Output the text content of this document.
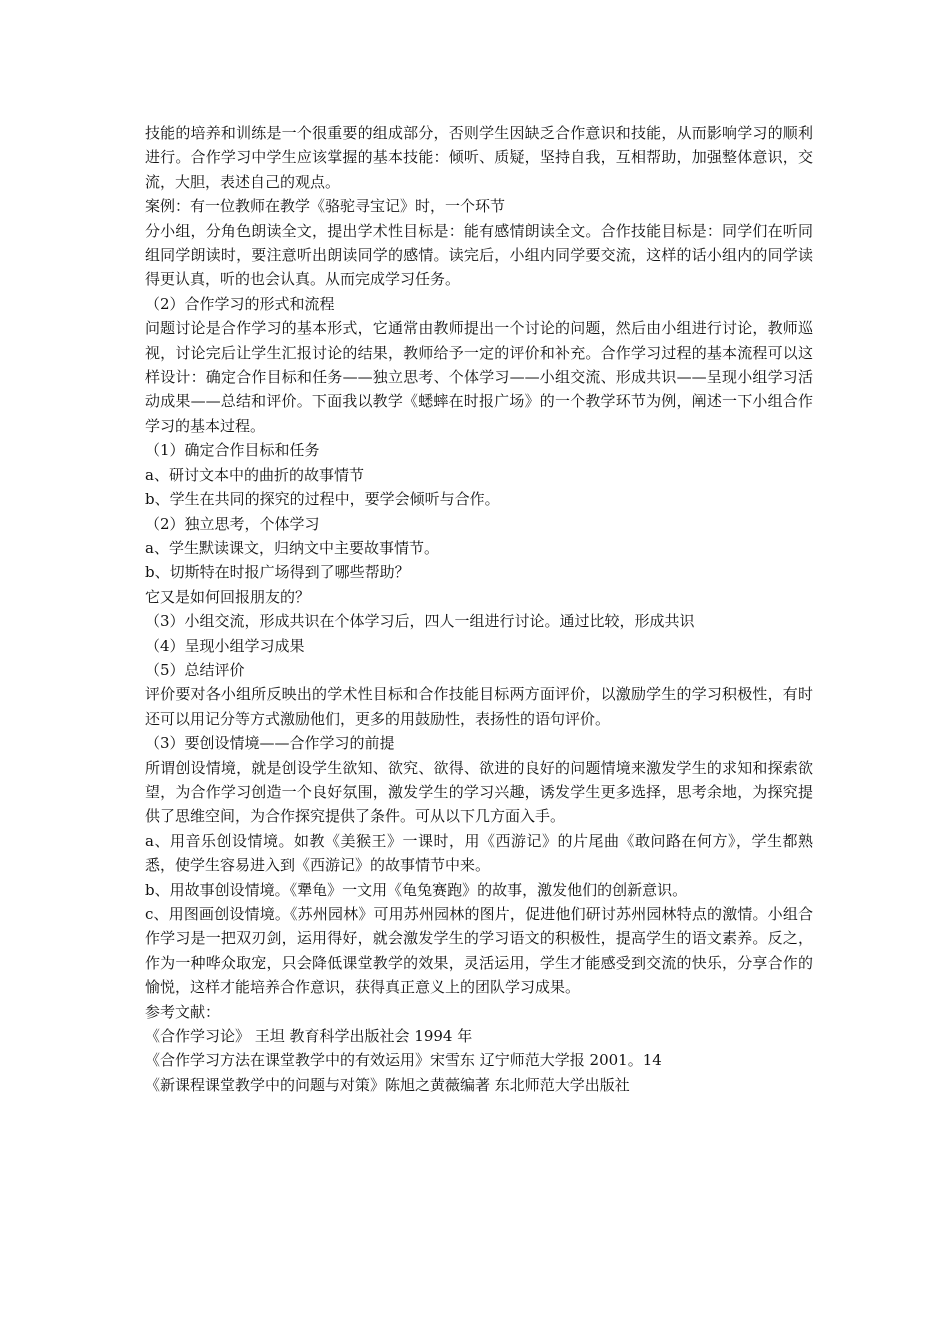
技能的培养和训练是一个很重要的组成部分，否则学生因缺乏合作意识和技能，从而影响学习的顺利进行。合作学习中学生应该掌握的基本技能：倾听、质疑，坚持自我，互相帮助，加强整体意识，交流，大胆，表述自己的观点。

案例：有一位教师在教学《骆驼寻宝记》时，一个环节

分小组，分角色朗读全文，提出学术性目标是：能有感情朗读全文。合作技能目标是：同学们在听同组同学朗读时，要注意听出朗读同学的感情。读完后，小组内同学要交流，这样的话小组内的同学读得更认真，听的也会认真。从而完成学习任务。

（2）合作学习的形式和流程

问题讨论是合作学习的基本形式，它通常由教师提出一个讨论的问题，然后由小组进行讨论，教师巡视，讨论完后让学生汇报讨论的结果，教师给予一定的评价和补充。合作学习过程的基本流程可以这样设计：确定合作目标和任务——独立思考、个体学习——小组交流、形成共识——呈现小组学习活动成果——总结和评价。下面我以教学《蟋蟀在时报广场》的一个教学环节为例，阐述一下小组合作学习的基本过程。

（1）确定合作目标和任务

a、研讨文本中的曲折的故事情节

b、学生在共同的探究的过程中，要学会倾听与合作。

（2）独立思考，个体学习

a、学生默读课文，归纳文中主要故事情节。

b、切斯特在时报广场得到了哪些帮助？

它又是如何回报朋友的？

（3）小组交流，形成共识在个体学习后，四人一组进行讨论。通过比较，形成共识

（4）呈现小组学习成果

（5）总结评价

评价要对各小组所反映出的学术性目标和合作技能目标两方面评价，以激励学生的学习积极性，有时还可以用记分等方式激励他们，更多的用鼓励性，表扬性的语句评价。

（3）要创设情境——合作学习的前提

所谓创设情境，就是创设学生欲知、欲究、欲得、欲进的良好的问题情境来激发学生的求知和探索欲望，为合作学习创造一个良好氛围，激发学生的学习兴趣，诱发学生更多选择，思考余地，为探究提供了思维空间，为合作探究提供了条件。可从以下几方面入手。

a、用音乐创设情境。如教《美猴王》一课时，用《西游记》的片尾曲《敢问路在何方》，学生都熟悉，使学生容易进入到《西游记》的故事情节中来。

b、用故事创设情境。《犟龟》一文用《龟兔赛跑》的故事，激发他们的创新意识。

c、用图画创设情境。《苏州园林》可用苏州园林的图片，促进他们研讨苏州园林特点的激情。小组合作学习是一把双刃剑，运用得好，就会激发学生的学习语文的积极性，提高学生的语文素养。反之，作为一种哗众取宠，只会降低课堂教学的效果，灵活运用，学生才能感受到交流的快乐，分享合作的愉悦，这样才能培养合作意识，获得真正意义上的团队学习成果。

参考文献：

《合作学习论》 王坦 教育科学出版社会 1994 年

《合作学习方法在课堂教学中的有效运用》宋雪东 辽宁师范大学报 2001。14

《新课程课堂教学中的问题与对策》陈旭之黄薇编著 东北师范大学出版社
